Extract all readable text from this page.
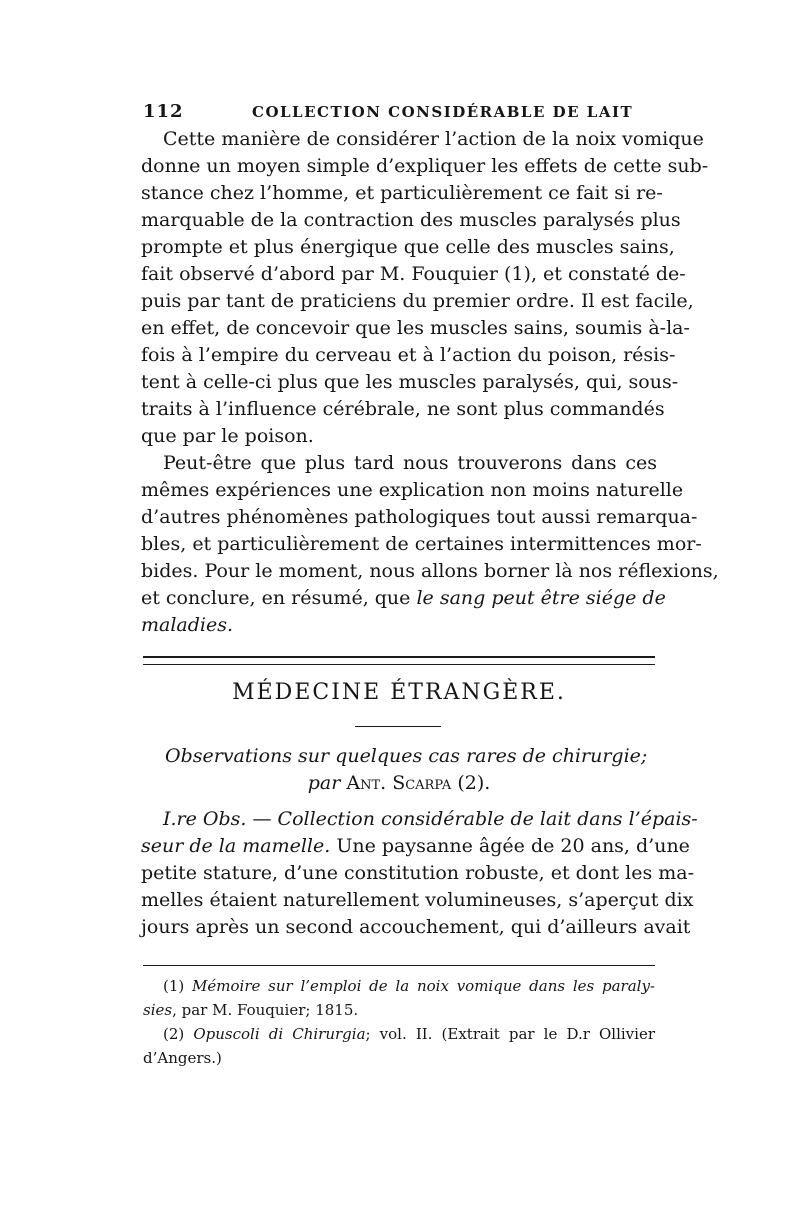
112	COLLECTION CONSIDÉRABLE DE LAIT

Cette manière de considérer l’action de la noix vomique
donne un moyen simple d’expliquer les effets de cette sub-
stance chez l’homme, et particulièrement ce fait si re-
marquable de la contraction des muscles paralysés plus
prompte et plus énergique que celle des muscles sains,
fait observé d’abord par M. Fouquier (1), et constaté de-
puis par tant de praticiens du premier ordre. Il est facile,
en effet, de concevoir que les muscles sains, soumis à-la-
fois à l’empire du cerveau et à l’action du poison, résis-
tent à celle-ci plus que les muscles paralysés, qui, sous-
traits à l’influence cérébrale, ne sont plus commandés
que par le poison.

Peut-être que plus tard nous trouverons dans ces
mêmes expériences une explication non moins naturelle
d’autres phénomènes pathologiques tout aussi remarqua-
bles, et particulièrement de certaines intermittences mor-
bides. Pour le moment, nous allons borner là nos réflexions,
et conclure, en résumé, que le sang peut être siége de
maladies.

MÉDECINE ÉTRANGÈRE.
Observations sur quelques cas rares de chirurgie;
par Ant. Scarpa (2).

I.re Obs. — Collection considérable de lait dans l’épais-
seur de la mamelle. Une paysanne âgée de 20 ans, d’une
petite stature, d’une constitution robuste, et dont les ma-
melles étaient naturellement volumineuses, s’aperçut dix
jours après un second accouchement, qui d’ailleurs avait

(1) Mémoire sur l’emploi de la noix vomique dans les paraly-
sies, par M. Fouquier; 1815.
(2) Opuscoli di Chirurgia; vol. II. (Extrait par le D.r Ollivier
d’Angers.)
